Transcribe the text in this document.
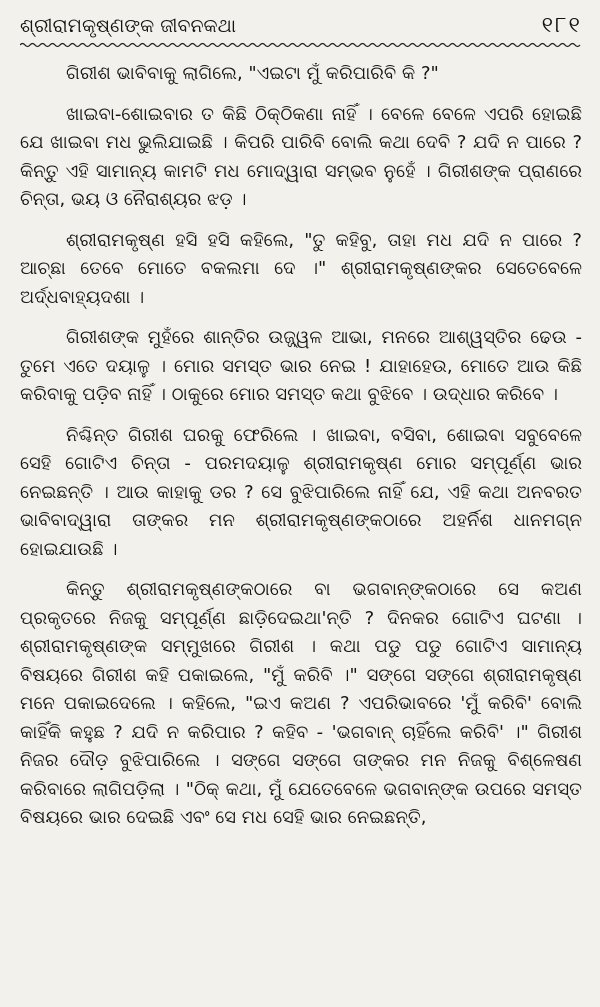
ଶ୍ରୀରାମକୃଷ୍ଣଙ୍କ ଜୀବନକଥା	୧୮୧

ଗିରୀଶ ଭାବିବାକୁ ଲାଗିଲେ, "ଏଇଟା ମୁଁ କରିପାରିବି କି ?"

ଖାଇବା-ଶୋଇବାର ତ କିଛି ଠିକ୍‌ଠିକଣା ନାହିଁ । ବେଳେ ବେଳେ ଏପରି ହୋଇଛି ଯେ ଖାଇବା ମଧ ଭୁଲିଯାଇଛି । କିପରି ପାରିବି ବୋଲି କଥା ଦେବି ? ଯଦି ନ ପାରେ ? କିନ୍ତୁ ଏହି ସାମାନ୍ୟ କାମଟି ମଧ ମୋଦ୍ୱାରା ସମ୍ଭବ ନୁହେଁ । ଗିରୀଶଙ୍କ ପ୍ରାଣରେ ଚିନ୍ତା, ଭୟ ଓ ନୈରାଶ୍ୟର ଝଡ଼ ।

ଶ୍ରୀରାମକୃଷ୍ଣ ହସି ହସି କହିଲେ, "ତୁ କହିବୁ, ତାହା ମଧ ଯଦି ନ ପାରେ ? ଆଚ୍ଛା ତେବେ ମୋତେ ବକଲମା ଦେ ।" ଶ୍ରୀରାମକୃଷ୍ଣଙ୍କର ସେତେବେଳେ ଅର୍ଦ୍ଧବାହ୍ୟଦଶା ।

ଗିରୀଶଙ୍କ ମୁହଁରେ ଶାନ୍ତିର ଉଜ୍ଜ୍ୱଳ ଆଭା, ମନରେ ଆଶ୍ୱସ୍ତିର ଢେଉ - ତୁମେ ଏତେ ଦୟାଳୁ । ମୋର ସମସ୍ତ ଭାର ନେଇ ! ଯାହାହେଉ, ମୋତେ ଆଉ କିଛି କରିବାକୁ ପଡ଼ିବ ନାହିଁ । ଠାକୁରେ ମୋର ସମସ୍ତ କଥା ବୁଝିବେ । ଉଦ୍ଧାର କରିବେ ।

ନିଶ୍ଚିନ୍ତ ଗିରୀଶ ଘରକୁ ଫେରିଲେ । ଖାଇବା, ବସିବା, ଶୋଇବା ସବୁବେଳେ ସେହି ଗୋଟିଏ ଚିନ୍ତା - ପରମଦୟାଳୁ ଶ୍ରୀରାମକୃଷ୍ଣ ମୋର ସମ୍ପୂର୍ଣ୍ଣ ଭାର ନେଇଛନ୍ତି । ଆଉ କାହାକୁ ଡର ? ସେ ବୁଝିପାରିଲେ ନାହିଁ ଯେ, ଏହି କଥା ଅନବରତ ଭାବିବାଦ୍ୱାରା ତାଙ୍କର ମନ ଶ୍ରୀରାମକୃଷ୍ଣଙ୍କଠାରେ ଅହର୍ନିଶ ଧାନମଗ୍ନ ହୋଇଯାଉଛି ।

କିନ୍ତୁ ଶ୍ରୀରାମକୃଷ୍ଣଙ୍କଠାରେ ବା ଭଗବାନ୍‌ଙ୍କଠାରେ ସେ କଅଣ ପ୍ରକୃତରେ ନିଜକୁ ସମ୍ପୂର୍ଣ୍ଣ ଛାଡ଼ିଦେଇଥା'ନ୍ତି ? ଦିନକର ଗୋଟିଏ ଘଟଣା । ଶ୍ରୀରାମକୃଷ୍ଣଙ୍କ ସମ୍ମୁଖରେ ଗିରୀଶ । କଥା ପଡୁ ପଡୁ ଗୋଟିଏ ସାମାନ୍ୟ ବିଷୟରେ ଗିରୀଶ କହି ପକାଇଲେ, "ମୁଁ କରିବି ।" ସଙ୍ଗେ ସଙ୍ଗେ ଶ୍ରୀରାମକୃଷ୍ଣ ମନେ ପକାଇଦେଲେ । କହିଲେ, "ଇଏ କଅଣ ? ଏପରିଭାବରେ 'ମୁଁ କରିବି' ବୋଲି କାହିଁକି କହୁଛ ? ଯଦି ନ କରିପାର ? କହିବ - 'ଭଗବାନ୍ ଚାହିଁଲେ କରିବି' ।" ଗିରୀଶ ନିଜର ଦୌଡ଼ ବୁଝିପାରିଲେ । ସଙ୍ଗେ ସଙ୍ଗେ ତାଙ୍କର ମନ ନିଜକୁ ବିଶ୍ଳେଷଣ କରିବାରେ ଲାଗିପଡ଼ିଲା । "ଠିକ୍ କଥା, ମୁଁ ଯେତେବେଳେ ଭଗବାନ୍‌ଙ୍କ ଉପରେ ସମସ୍ତ ବିଷୟରେ ଭାର ଦେଇଛି ଏବଂ ସେ ମଧ ସେହି ଭାର ନେଇଛନ୍ତି,
